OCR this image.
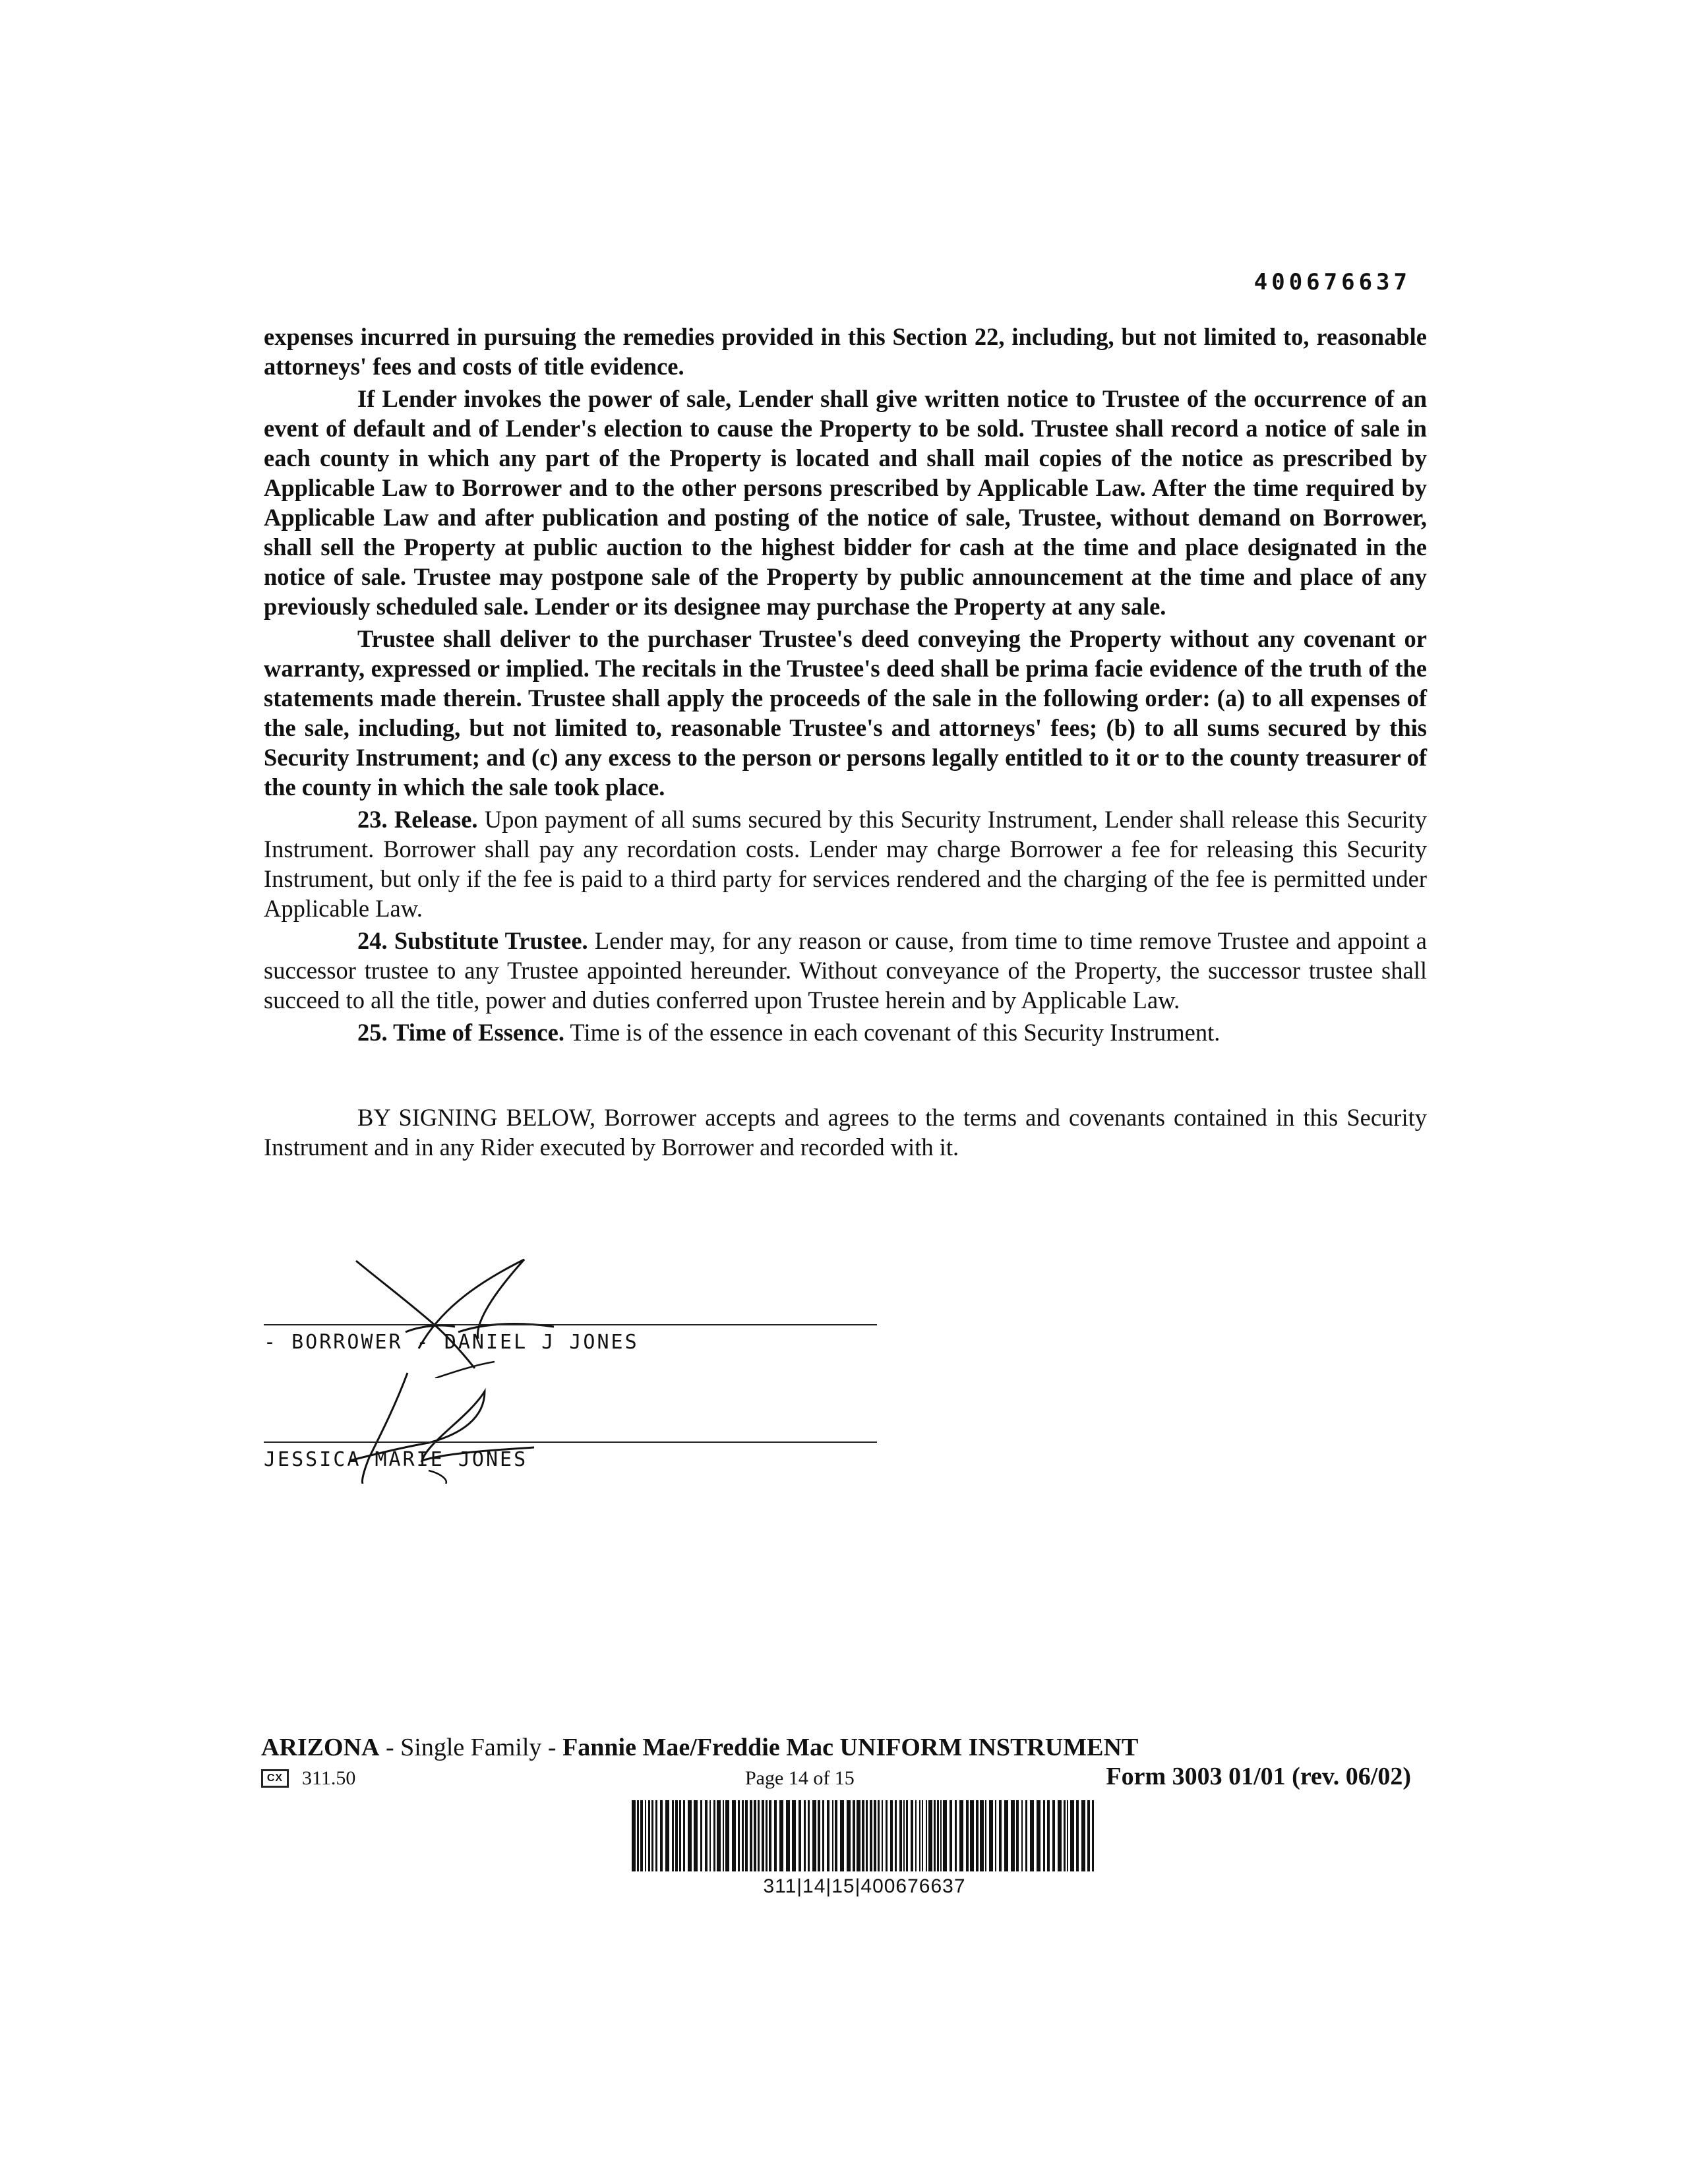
400676637

expenses incurred in pursuing the remedies provided in this Section 22, including, but not limited to, reasonable attorneys' fees and costs of title evidence.

If Lender invokes the power of sale, Lender shall give written notice to Trustee of the occurrence of an event of default and of Lender's election to cause the Property to be sold. Trustee shall record a notice of sale in each county in which any part of the Property is located and shall mail copies of the notice as prescribed by Applicable Law to Borrower and to the other persons prescribed by Applicable Law. After the time required by Applicable Law and after publication and posting of the notice of sale, Trustee, without demand on Borrower, shall sell the Property at public auction to the highest bidder for cash at the time and place designated in the notice of sale. Trustee may postpone sale of the Property by public announcement at the time and place of any previously scheduled sale. Lender or its designee may purchase the Property at any sale.

Trustee shall deliver to the purchaser Trustee's deed conveying the Property without any covenant or warranty, expressed or implied. The recitals in the Trustee's deed shall be prima facie evidence of the truth of the statements made therein. Trustee shall apply the proceeds of the sale in the following order: (a) to all expenses of the sale, including, but not limited to, reasonable Trustee's and attorneys' fees; (b) to all sums secured by this Security Instrument; and (c) any excess to the person or persons legally entitled to it or to the county treasurer of the county in which the sale took place.

23. Release. Upon payment of all sums secured by this Security Instrument, Lender shall release this Security Instrument. Borrower shall pay any recordation costs. Lender may charge Borrower a fee for releasing this Security Instrument, but only if the fee is paid to a third party for services rendered and the charging of the fee is permitted under Applicable Law.

24. Substitute Trustee. Lender may, for any reason or cause, from time to time remove Trustee and appoint a successor trustee to any Trustee appointed hereunder. Without conveyance of the Property, the successor trustee shall succeed to all the title, power and duties conferred upon Trustee herein and by Applicable Law.

25. Time of Essence. Time is of the essence in each covenant of this Security Instrument.

BY SIGNING BELOW, Borrower accepts and agrees to the terms and covenants contained in this Security Instrument and in any Rider executed by Borrower and recorded with it.

- BORROWER - DANIEL J JONES
JESSICA MARIE JONES
ARIZONA - Single Family - Fannie Mae/Freddie Mac UNIFORM INSTRUMENT
CX 311.50	Page 14 of 15	Form 3003 01/01 (rev. 06/02)
311|14|15|400676637
